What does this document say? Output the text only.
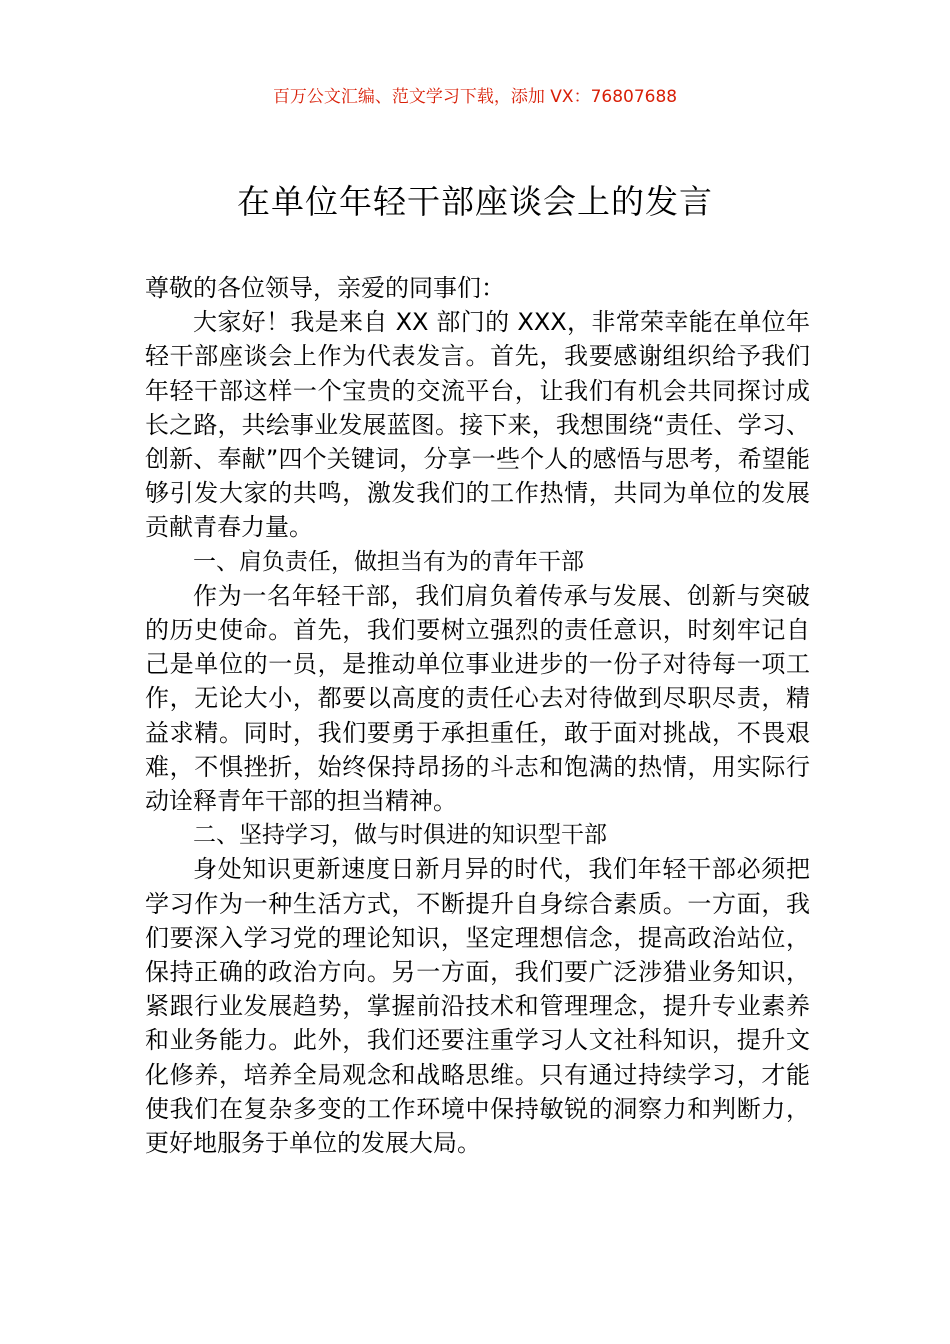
百万公文汇编、范文学习下载，添加 VX：76807688
在单位年轻干部座谈会上的发言

尊敬的各位领导，亲爱的同事们：

大家好！我是来自 XX 部门的 XXX，非常荣幸能在单位年轻干部座谈会上作为代表发言。首先，我要感谢组织给予我们年轻干部这样一个宝贵的交流平台，让我们有机会共同探讨成长之路，共绘事业发展蓝图。接下来，我想围绕“责任、学习、创新、奉献”四个关键词，分享一些个人的感悟与思考，希望能够引发大家的共鸣，激发我们的工作热情，共同为单位的发展贡献青春力量。

一、肩负责任，做担当有为的青年干部

作为一名年轻干部，我们肩负着传承与发展、创新与突破的历史使命。首先，我们要树立强烈的责任意识，时刻牢记自己是单位的一员，是推动单位事业进步的一份子对待每一项工作，无论大小，都要以高度的责任心去对待做到尽职尽责，精益求精。同时，我们要勇于承担重任，敢于面对挑战，不畏艰难，不惧挫折，始终保持昂扬的斗志和饱满的热情，用实际行动诠释青年干部的担当精神。

二、坚持学习，做与时俱进的知识型干部

身处知识更新速度日新月异的时代，我们年轻干部必须把学习作为一种生活方式，不断提升自身综合素质。一方面，我们要深入学习党的理论知识，坚定理想信念，提高政治站位，保持正确的政治方向。另一方面，我们要广泛涉猎业务知识，紧跟行业发展趋势，掌握前沿技术和管理理念，提升专业素养和业务能力。此外，我们还要注重学习人文社科知识，提升文化修养，培养全局观念和战略思维。只有通过持续学习，才能使我们在复杂多变的工作环境中保持敏锐的洞察力和判断力，更好地服务于单位的发展大局。
